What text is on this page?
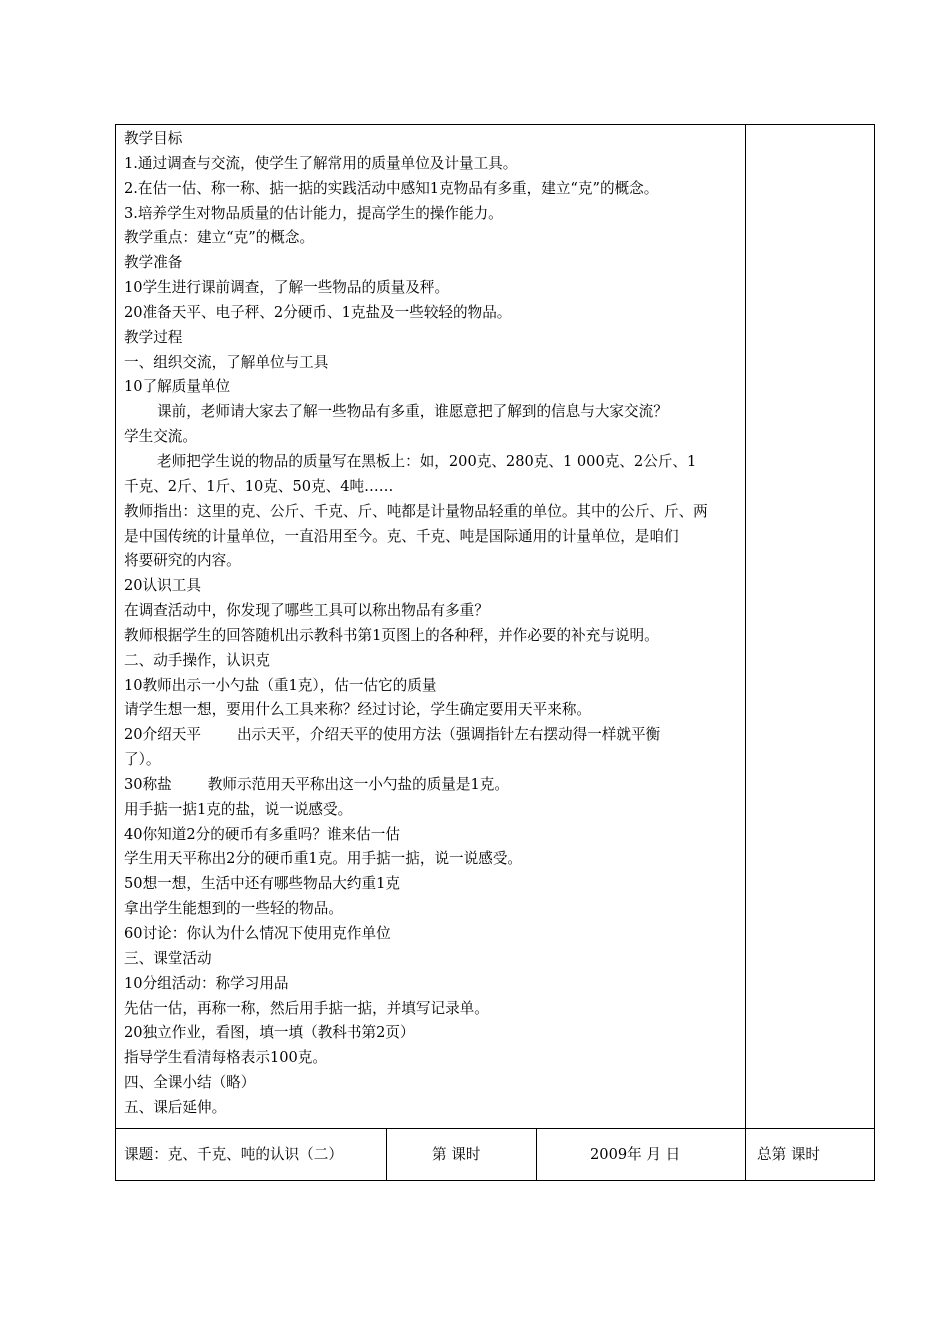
教学目标
1.通过调查与交流，使学生了解常用的质量单位及计量工具。
2.在估一估、称一称、掂一掂的实践活动中感知1克物品有多重，建立“克”的概念。
3.培养学生对物品质量的估计能力，提高学生的操作能力。
教学重点：建立“克”的概念。
教学准备
10学生进行课前调查，了解一些物品的质量及秤。
20准备天平、电子秤、2分硬币、1克盐及一些较轻的物品。
教学过程
一、组织交流，了解单位与工具
10了解质量单位
课前，老师请大家去了解一些物品有多重，谁愿意把了解到的信息与大家交流？
学生交流。
老师把学生说的物品的质量写在黑板上：如，200克、280克、1 000克、2公斤、1
千克、2斤、1斤、10克、50克、4吨……
教师指出：这里的克、公斤、千克、斤、吨都是计量物品轻重的单位。其中的公斤、斤、两
是中国传统的计量单位，一直沿用至今。克、千克、吨是国际通用的计量单位，是咱们
将要研究的内容。
20认识工具
在调查活动中，你发现了哪些工具可以称出物品有多重？
教师根据学生的回答随机出示教科书第1页图上的各种秤，并作必要的补充与说明。
二、动手操作，认识克
10教师出示一小勺盐（重1克），估一估它的质量
请学生想一想，要用什么工具来称？经过讨论，学生确定要用天平来称。
20介绍天平 出示天平，介绍天平的使用方法（强调指针左右摆动得一样就平衡
了）。
30称盐 教师示范用天平称出这一小勺盐的质量是1克。
用手掂一掂1克的盐，说一说感受。
40你知道2分的硬币有多重吗？谁来估一估
学生用天平称出2分的硬币重1克。用手掂一掂，说一说感受。
50想一想，生活中还有哪些物品大约重1克
拿出学生能想到的一些轻的物品。
60讨论：你认为什么情况下使用克作单位
三、课堂活动
10分组活动：称学习用品
先估一估，再称一称，然后用手掂一掂，并填写记录单。
20独立作业，看图，填一填（教科书第2页）
指导学生看清每格表示100克。
四、全课小结（略）
五、课后延伸。
课题：克、千克、吨的认识（二）	第 课时	2009年 月 日	总第 课时
